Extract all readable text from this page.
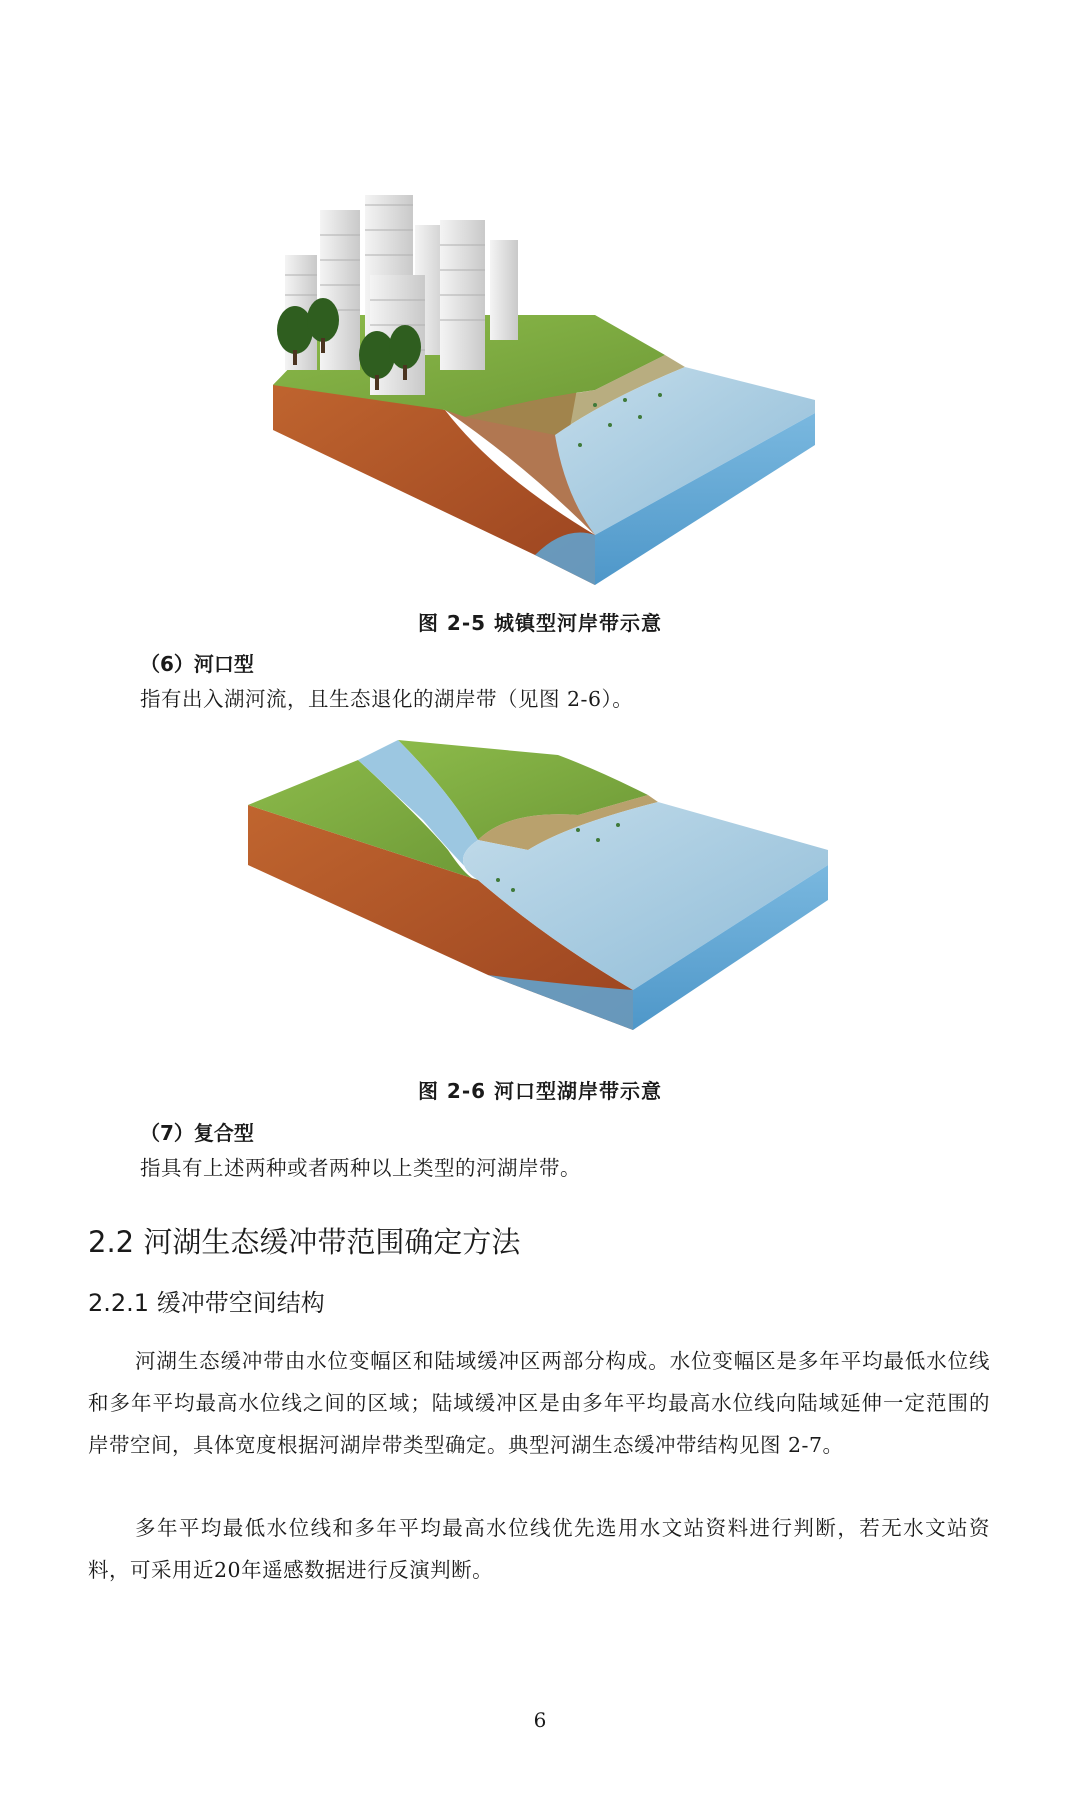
图 2-5 城镇型河岸带示意
（6）河口型
指有出入湖河流，且生态退化的湖岸带（见图 2-6）。
图 2-6 河口型湖岸带示意
（7）复合型
指具有上述两种或者两种以上类型的河湖岸带。
2.2 河湖生态缓冲带范围确定方法
2.2.1 缓冲带空间结构
河湖生态缓冲带由水位变幅区和陆域缓冲区两部分构成。水位变幅区是多年平均最低水位线和多年平均最高水位线之间的区域；陆域缓冲区是由多年平均最高水位线向陆域延伸一定范围的岸带空间，具体宽度根据河湖岸带类型确定。典型河湖生态缓冲带结构见图 2-7。
多年平均最低水位线和多年平均最高水位线优先选用水文站资料进行判断，若无水文站资料，可采用近20年遥感数据进行反演判断。
6
